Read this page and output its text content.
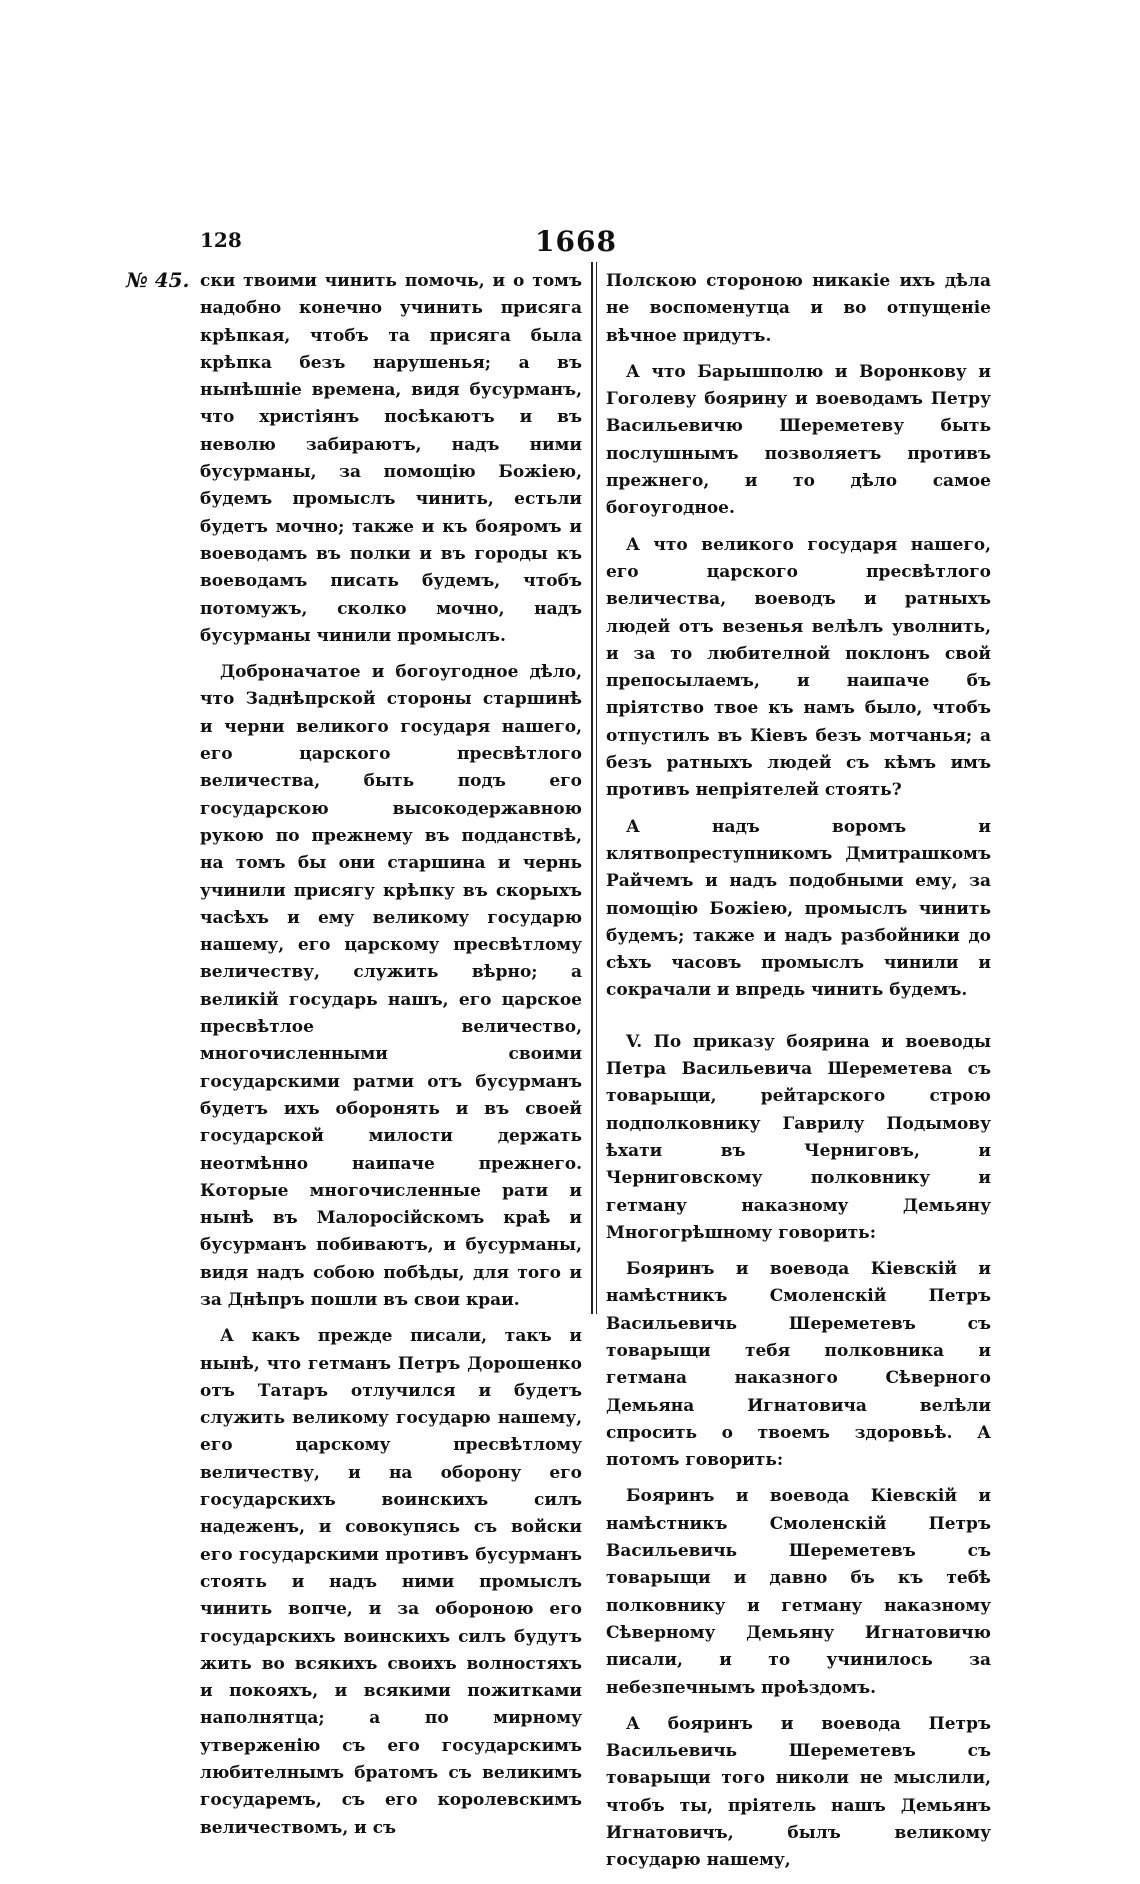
128	1668
№ 45. ски твоими чинить помочь, и о томъ надобно конечно учинить присяга крѣпкая, чтобъ та присяга была крѣпка безъ нарушенья; а въ нынѣшніе времена, видя бусурманъ, что христіянъ посѣкаютъ и въ неволю забираютъ, надъ ними бусурманы, за помощію Божіею, будемъ промыслъ чинить, естьли будетъ мочно; также и къ бояромъ и воеводамъ въ полки и въ городы къ воеводамъ писать будемъ, чтобъ потомужъ, сколко мочно, надъ бусурманы чинили промыслъ.

Доброначатое и богоугодное дѣло, что Заднѣпрской стороны старшинѣ и черни великого государя нашего, его царского пресвѣтлого величества, быть подъ его государскою высокодержавною рукою по прежнему въ подданствѣ, на томъ бы они старшина и чернь учинили присягу крѣпку въ скорыхъ часѣхъ и ему великому государю нашему, его царскому пресвѣтлому величеству, служить вѣрно; а великій государь нашъ, его царское пресвѣтлое величество, многочисленными своими государскими ратми отъ бусурманъ будетъ ихъ оборонять и въ своей государской милости держать неотмѣнно наипаче прежнего. Которые многочисленные рати и нынѣ въ Малоросійскомъ краѣ и бусурманъ побиваютъ, и бусурманы, видя надъ собою побѣды, для того и за Днѣпръ пошли въ свои краи.

А какъ прежде писали, такъ и нынѣ, что гетманъ Петръ Дорошенко отъ Татаръ отлучился и будетъ служить великому государю нашему, его царскому пресвѣтлому величеству, и на оборону его государскихъ воинскихъ силъ надеженъ, и совокупясь съ войски его государскими противъ бусурманъ стоять и надъ ними промыслъ чинить вопче, и за обороною его государскихъ воинскихъ силъ будутъ жить во всякихъ своихъ волностяхъ и покояхъ, и всякими пожитками наполнятца; а по мирному утверженію съ его государскимъ любителнымъ братомъ съ великимъ государемъ, съ его королевскимъ величествомъ, и съ

Полскою стороною никакіе ихъ дѣла не воспоменутца и во отпущеніе вѣчное придутъ.

А что Барышполю и Воронкову и Гоголеву боярину и воеводамъ Петру Васильевичю Шереметеву быть послушнымъ позволяетъ противъ прежнего, и то дѣло самое богоугодное.

А что великого государя нашего, его царского пресвѣтлого величества, воеводъ и ратныхъ людей отъ везенья велѣлъ уволнить, и за то любителной поклонъ свой препосылаемъ, и наипаче бъ пріятство твое къ намъ было, чтобъ отпустилъ въ Кіевъ безъ мотчанья; а безъ ратныхъ людей съ кѣмъ имъ противъ непріятелей стоять?

А надъ воромъ и клятвопреступникомъ Дмитрашкомъ Райчемъ и надъ подобными ему, за помощію Божіею, промыслъ чинить будемъ; также и надъ разбойники до сѣхъ часовъ промыслъ чинили и сокрачали и впредь чинить будемъ.

V. По приказу боярина и воеводы Петра Васильевича Шереметева съ товарыщи, рейтарского строю подполковнику Гаврилу Подымову ѣхати въ Черниговъ, и Черниговскому полковнику и гетману наказному Демьяну Многогрѣшному говорить:

Бояринъ и воевода Кіевскій и намѣстникъ Смоленскій Петръ Васильевичь Шереметевъ съ товарыщи тебя полковника и гетмана наказного Сѣверного Демьяна Игнатовича велѣли спросить о твоемъ здоровьѣ. А потомъ говорить:

Бояринъ и воевода Кіевскій и намѣстникъ Смоленскій Петръ Васильевичь Шереметевъ съ товарыщи и давно бъ къ тебѣ полковнику и гетману наказному Сѣверному Демьяну Игнатовичю писали, и то учинилось за небезпечнымъ проѣздомъ.

А бояринъ и воевода Петръ Васильевичь Шереметевъ съ товарыщи того николи не мыслили, чтобъ ты, пріятель нашъ Демьянъ Игнатовичъ, былъ великому государю нашему,
